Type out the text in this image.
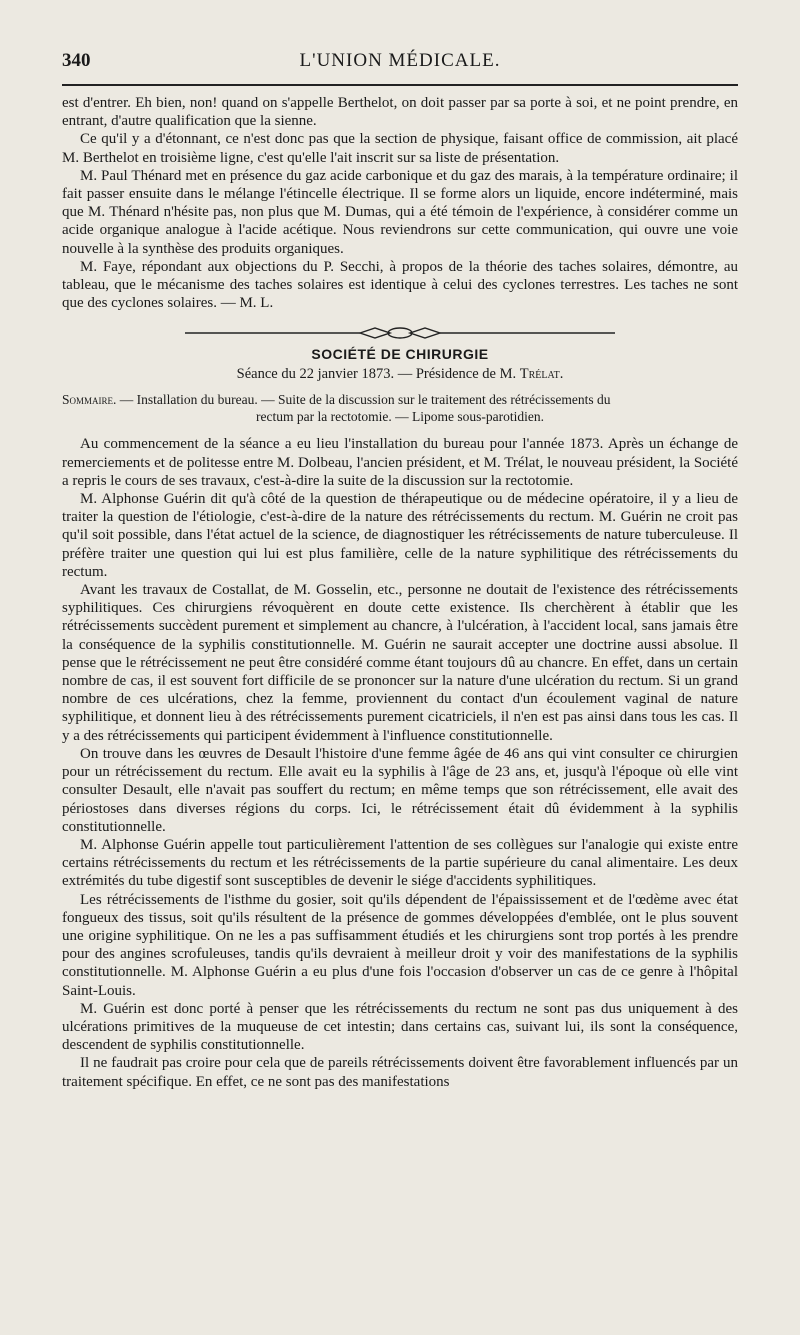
340	L'UNION MÉDICALE.

est d'entrer. Eh bien, non! quand on s'appelle Berthelot, on doit passer par sa porte à soi, et ne point prendre, en entrant, d'autre qualification que la sienne.

Ce qu'il y a d'étonnant, ce n'est donc pas que la section de physique, faisant office de commission, ait placé M. Berthelot en troisième ligne, c'est qu'elle l'ait inscrit sur sa liste de présentation.

M. Paul Thénard met en présence du gaz acide carbonique et du gaz des marais, à la température ordinaire; il fait passer ensuite dans le mélange l'étincelle électrique. Il se forme alors un liquide, encore indéterminé, mais que M. Thénard n'hésite pas, non plus que M. Dumas, qui a été témoin de l'expérience, à considérer comme un acide organique analogue à l'acide acétique. Nous reviendrons sur cette communication, qui ouvre une voie nouvelle à la synthèse des produits organiques.

M. Faye, répondant aux objections du P. Secchi, à propos de la théorie des taches solaires, démontre, au tableau, que le mécanisme des taches solaires est identique à celui des cyclones terrestres. Les taches ne sont que des cyclones solaires. — M. L.

SOCIÉTÉ DE CHIRURGIE
Séance du 22 janvier 1873. — Présidence de M. Trélat.
Sommaire. — Installation du bureau. — Suite de la discussion sur le traitement des rétrécissements du
rectum par la rectotomie. — Lipome sous-parotidien.

Au commencement de la séance a eu lieu l'installation du bureau pour l'année 1873. Après un échange de remerciements et de politesse entre M. Dolbeau, l'ancien président, et M. Trélat, le nouveau président, la Société a repris le cours de ses travaux, c'est-à-dire la suite de la discussion sur la rectotomie.

M. Alphonse Guérin dit qu'à côté de la question de thérapeutique ou de médecine opératoire, il y a lieu de traiter la question de l'étiologie, c'est-à-dire de la nature des rétrécissements du rectum. M. Guérin ne croit pas qu'il soit possible, dans l'état actuel de la science, de diagnostiquer les rétrécissements de nature tuberculeuse. Il préfère traiter une question qui lui est plus familière, celle de la nature syphilitique des rétrécissements du rectum.

Avant les travaux de Costallat, de M. Gosselin, etc., personne ne doutait de l'existence des rétrécissements syphilitiques. Ces chirurgiens révoquèrent en doute cette existence. Ils cherchèrent à établir que les rétrécissements succèdent purement et simplement au chancre, à l'ulcération, à l'accident local, sans jamais être la conséquence de la syphilis constitutionnelle. M. Guérin ne saurait accepter une doctrine aussi absolue. Il pense que le rétrécissement ne peut être considéré comme étant toujours dû au chancre. En effet, dans un certain nombre de cas, il est souvent fort difficile de se prononcer sur la nature d'une ulcération du rectum. Si un grand nombre de ces ulcérations, chez la femme, proviennent du contact d'un écoulement vaginal de nature syphilitique, et donnent lieu à des rétrécissements purement cicatriciels, il n'en est pas ainsi dans tous les cas. Il y a des rétrécissements qui participent évidemment à l'influence constitutionnelle.

On trouve dans les œuvres de Desault l'histoire d'une femme âgée de 46 ans qui vint consulter ce chirurgien pour un rétrécissement du rectum. Elle avait eu la syphilis à l'âge de 23 ans, et, jusqu'à l'époque où elle vint consulter Desault, elle n'avait pas souffert du rectum; en même temps que son rétrécissement, elle avait des périostoses dans diverses régions du corps. Ici, le rétrécissement était dû évidemment à la syphilis constitutionnelle.

M. Alphonse Guérin appelle tout particulièrement l'attention de ses collègues sur l'analogie qui existe entre certains rétrécissements du rectum et les rétrécissements de la partie supérieure du canal alimentaire. Les deux extrémités du tube digestif sont susceptibles de devenir le siége d'accidents syphilitiques.

Les rétrécissements de l'isthme du gosier, soit qu'ils dépendent de l'épaississement et de l'œdème avec état fongueux des tissus, soit qu'ils résultent de la présence de gommes développées d'emblée, ont le plus souvent une origine syphilitique. On ne les a pas suffisamment étudiés et les chirurgiens sont trop portés à les prendre pour des angines scrofuleuses, tandis qu'ils devraient à meilleur droit y voir des manifestations de la syphilis constitutionnelle. M. Alphonse Guérin a eu plus d'une fois l'occasion d'observer un cas de ce genre à l'hôpital Saint-Louis.

M. Guérin est donc porté à penser que les rétrécissements du rectum ne sont pas dus uniquement à des ulcérations primitives de la muqueuse de cet intestin; dans certains cas, suivant lui, ils sont la conséquence, descendent de syphilis constitutionnelle.

Il ne faudrait pas croire pour cela que de pareils rétrécissements doivent être favorablement influencés par un traitement spécifique. En effet, ce ne sont pas des manifestations
